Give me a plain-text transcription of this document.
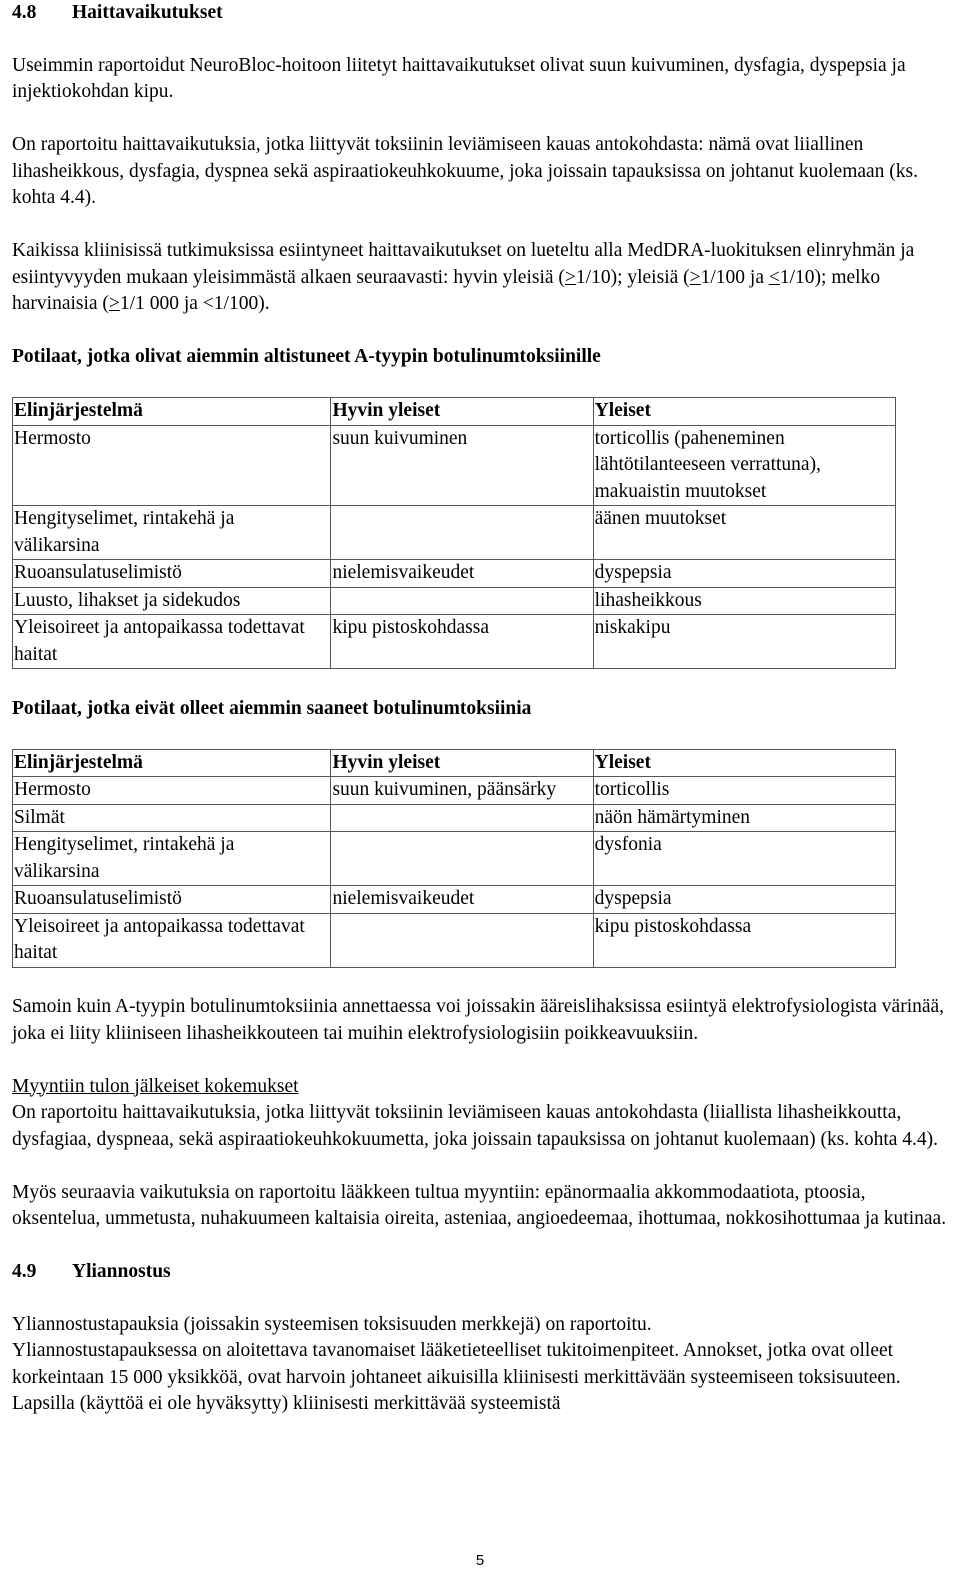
4.8 Haittavaikutukset

Useimmin raportoidut NeuroBloc-hoitoon liitetyt haittavaikutukset olivat suun kuivuminen, dysfagia, dyspepsia ja injektiokohdan kipu.

On raportoitu haittavaikutuksia, jotka liittyvät toksiinin leviämiseen kauas antokohdasta: nämä ovat liiallinen lihasheikkous, dysfagia, dyspnea sekä aspiraatiokeuhkokuume, joka joissain tapauksissa on johtanut kuolemaan (ks. kohta 4.4).

Kaikissa kliinisissä tutkimuksissa esiintyneet haittavaikutukset on lueteltu alla MedDRA-luokituksen elinryhmän ja esiintyvyyden mukaan yleisimmästä alkaen seuraavasti: hyvin yleisiä (>1/10); yleisiä (>1/100 ja <1/10); melko harvinaisia (>1/1 000 ja <1/100).

Potilaat, jotka olivat aiemmin altistuneet A-tyypin botulinumtoksiinille

Elinjärjestelmä	Hyvin yleiset	Yleiset

Hermosto	suun kuivuminen	torticollis (paheneminen lähtötilanteeseen verrattuna), makuaistin muutokset

Hengityselimet, rintakehä ja välikarsina		äänen muutokset

Ruoansulatuselimistö	nielemisvaikeudet	dyspepsia

Luusto, lihakset ja sidekudos		lihasheikkous

Yleisoireet ja antopaikassa todettavat haitat	kipu pistoskohdassa	niskakipu

Potilaat, jotka eivät olleet aiemmin saaneet botulinumtoksiinia

Elinjärjestelmä	Hyvin yleiset	Yleiset

Hermosto	suun kuivuminen, päänsärky	torticollis

Silmät		näön hämärtyminen

Hengityselimet, rintakehä ja välikarsina		dysfonia

Ruoansulatuselimistö	nielemisvaikeudet	dyspepsia

Yleisoireet ja antopaikassa todettavat haitat		kipu pistoskohdassa

Samoin kuin A-tyypin botulinumtoksiinia annettaessa voi joissakin ääreislihaksissa esiintyä elektrofysiologista värinää, joka ei liity kliiniseen lihasheikkouteen tai muihin elektrofysiologisiin poikkeavuuksiin.

Myyntiin tulon jälkeiset kokemukset

On raportoitu haittavaikutuksia, jotka liittyvät toksiinin leviämiseen kauas antokohdasta (liiallista lihasheikkoutta, dysfagiaa, dyspneaa, sekä aspiraatiokeuhkokuumetta, joka joissain tapauksissa on johtanut kuolemaan) (ks. kohta 4.4).

Myös seuraavia vaikutuksia on raportoitu lääkkeen tultua myyntiin: epänormaalia akkommodaatiota, ptoosia, oksentelua, ummetusta, nuhakuumeen kaltaisia oireita, asteniaa, angioedeemaa, ihottumaa, nokkosihottumaa ja kutinaa.

4.9 Yliannostus

Yliannostustapauksia (joissakin systeemisen toksisuuden merkkejä) on raportoitu.

Yliannostustapauksessa on aloitettava tavanomaiset lääketieteelliset tukitoimenpiteet. Annokset, jotka ovat olleet korkeintaan 15 000 yksikköä, ovat harvoin johtaneet aikuisilla kliinisesti merkittävään systeemiseen toksisuuteen. Lapsilla (käyttöä ei ole hyväksytty) kliinisesti merkittävää systeemistä

5
